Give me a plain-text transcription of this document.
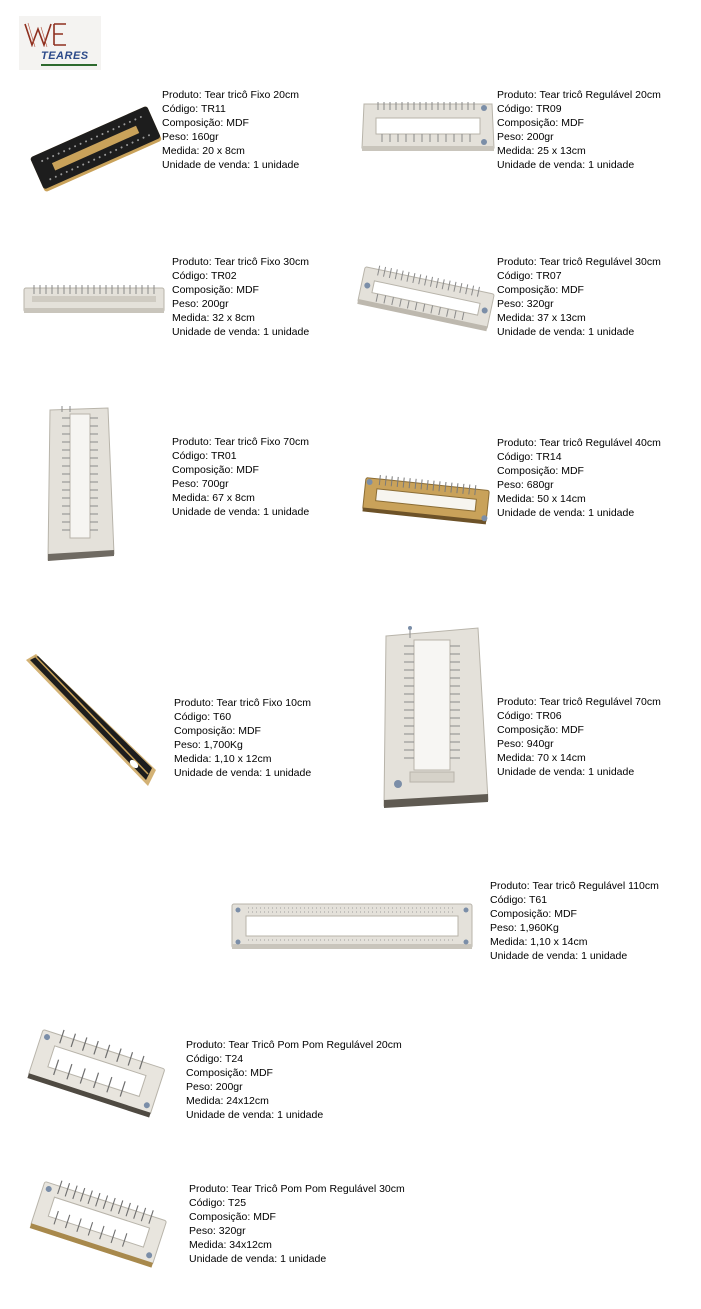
TEARES
Produto: Tear tricô Fixo 20cm
Código: TR11
Composição: MDF
Peso: 160gr
Medida: 20 x 8cm
Unidade de venda: 1 unidade
Produto: Tear tricô Regulável 20cm
Código: TR09
Composição: MDF
Peso: 200gr
Medida: 25 x 13cm
Unidade de venda: 1 unidade
Produto: Tear tricô Fixo 30cm
Código: TR02
Composição: MDF
Peso: 200gr
Medida: 32 x 8cm
Unidade de venda: 1 unidade
Produto: Tear tricô Regulável 30cm
Código: TR07
Composição: MDF
Peso: 320gr
Medida: 37 x 13cm
Unidade de venda: 1 unidade
Produto: Tear tricô Fixo 70cm
Código: TR01
Composição: MDF
Peso: 700gr
Medida: 67 x 8cm
Unidade de venda: 1 unidade
Produto: Tear tricô Regulável 40cm
Código: TR14
Composição: MDF
Peso: 680gr
Medida: 50 x 14cm
Unidade de venda: 1 unidade
Produto: Tear tricô Fixo 10cm
Código: T60
Composição: MDF
Peso: 1,700Kg
Medida: 1,10 x 12cm
Unidade de venda: 1 unidade
Produto: Tear tricô Regulável 70cm
Código: TR06
Composição: MDF
Peso: 940gr
Medida: 70 x 14cm
Unidade de venda: 1 unidade
Produto: Tear tricô Regulável 110cm
Código: T61
Composição: MDF
Peso: 1,960Kg
Medida: 1,10 x 14cm
Unidade de venda: 1 unidade
Produto: Tear Tricô Pom Pom Regulável 20cm
Código: T24
Composição: MDF
Peso: 200gr
Medida: 24x12cm
Unidade de venda: 1 unidade
Produto: Tear Tricô Pom Pom Regulável 30cm
Código: T25
Composição: MDF
Peso: 320gr
Medida: 34x12cm
Unidade de venda: 1 unidade
